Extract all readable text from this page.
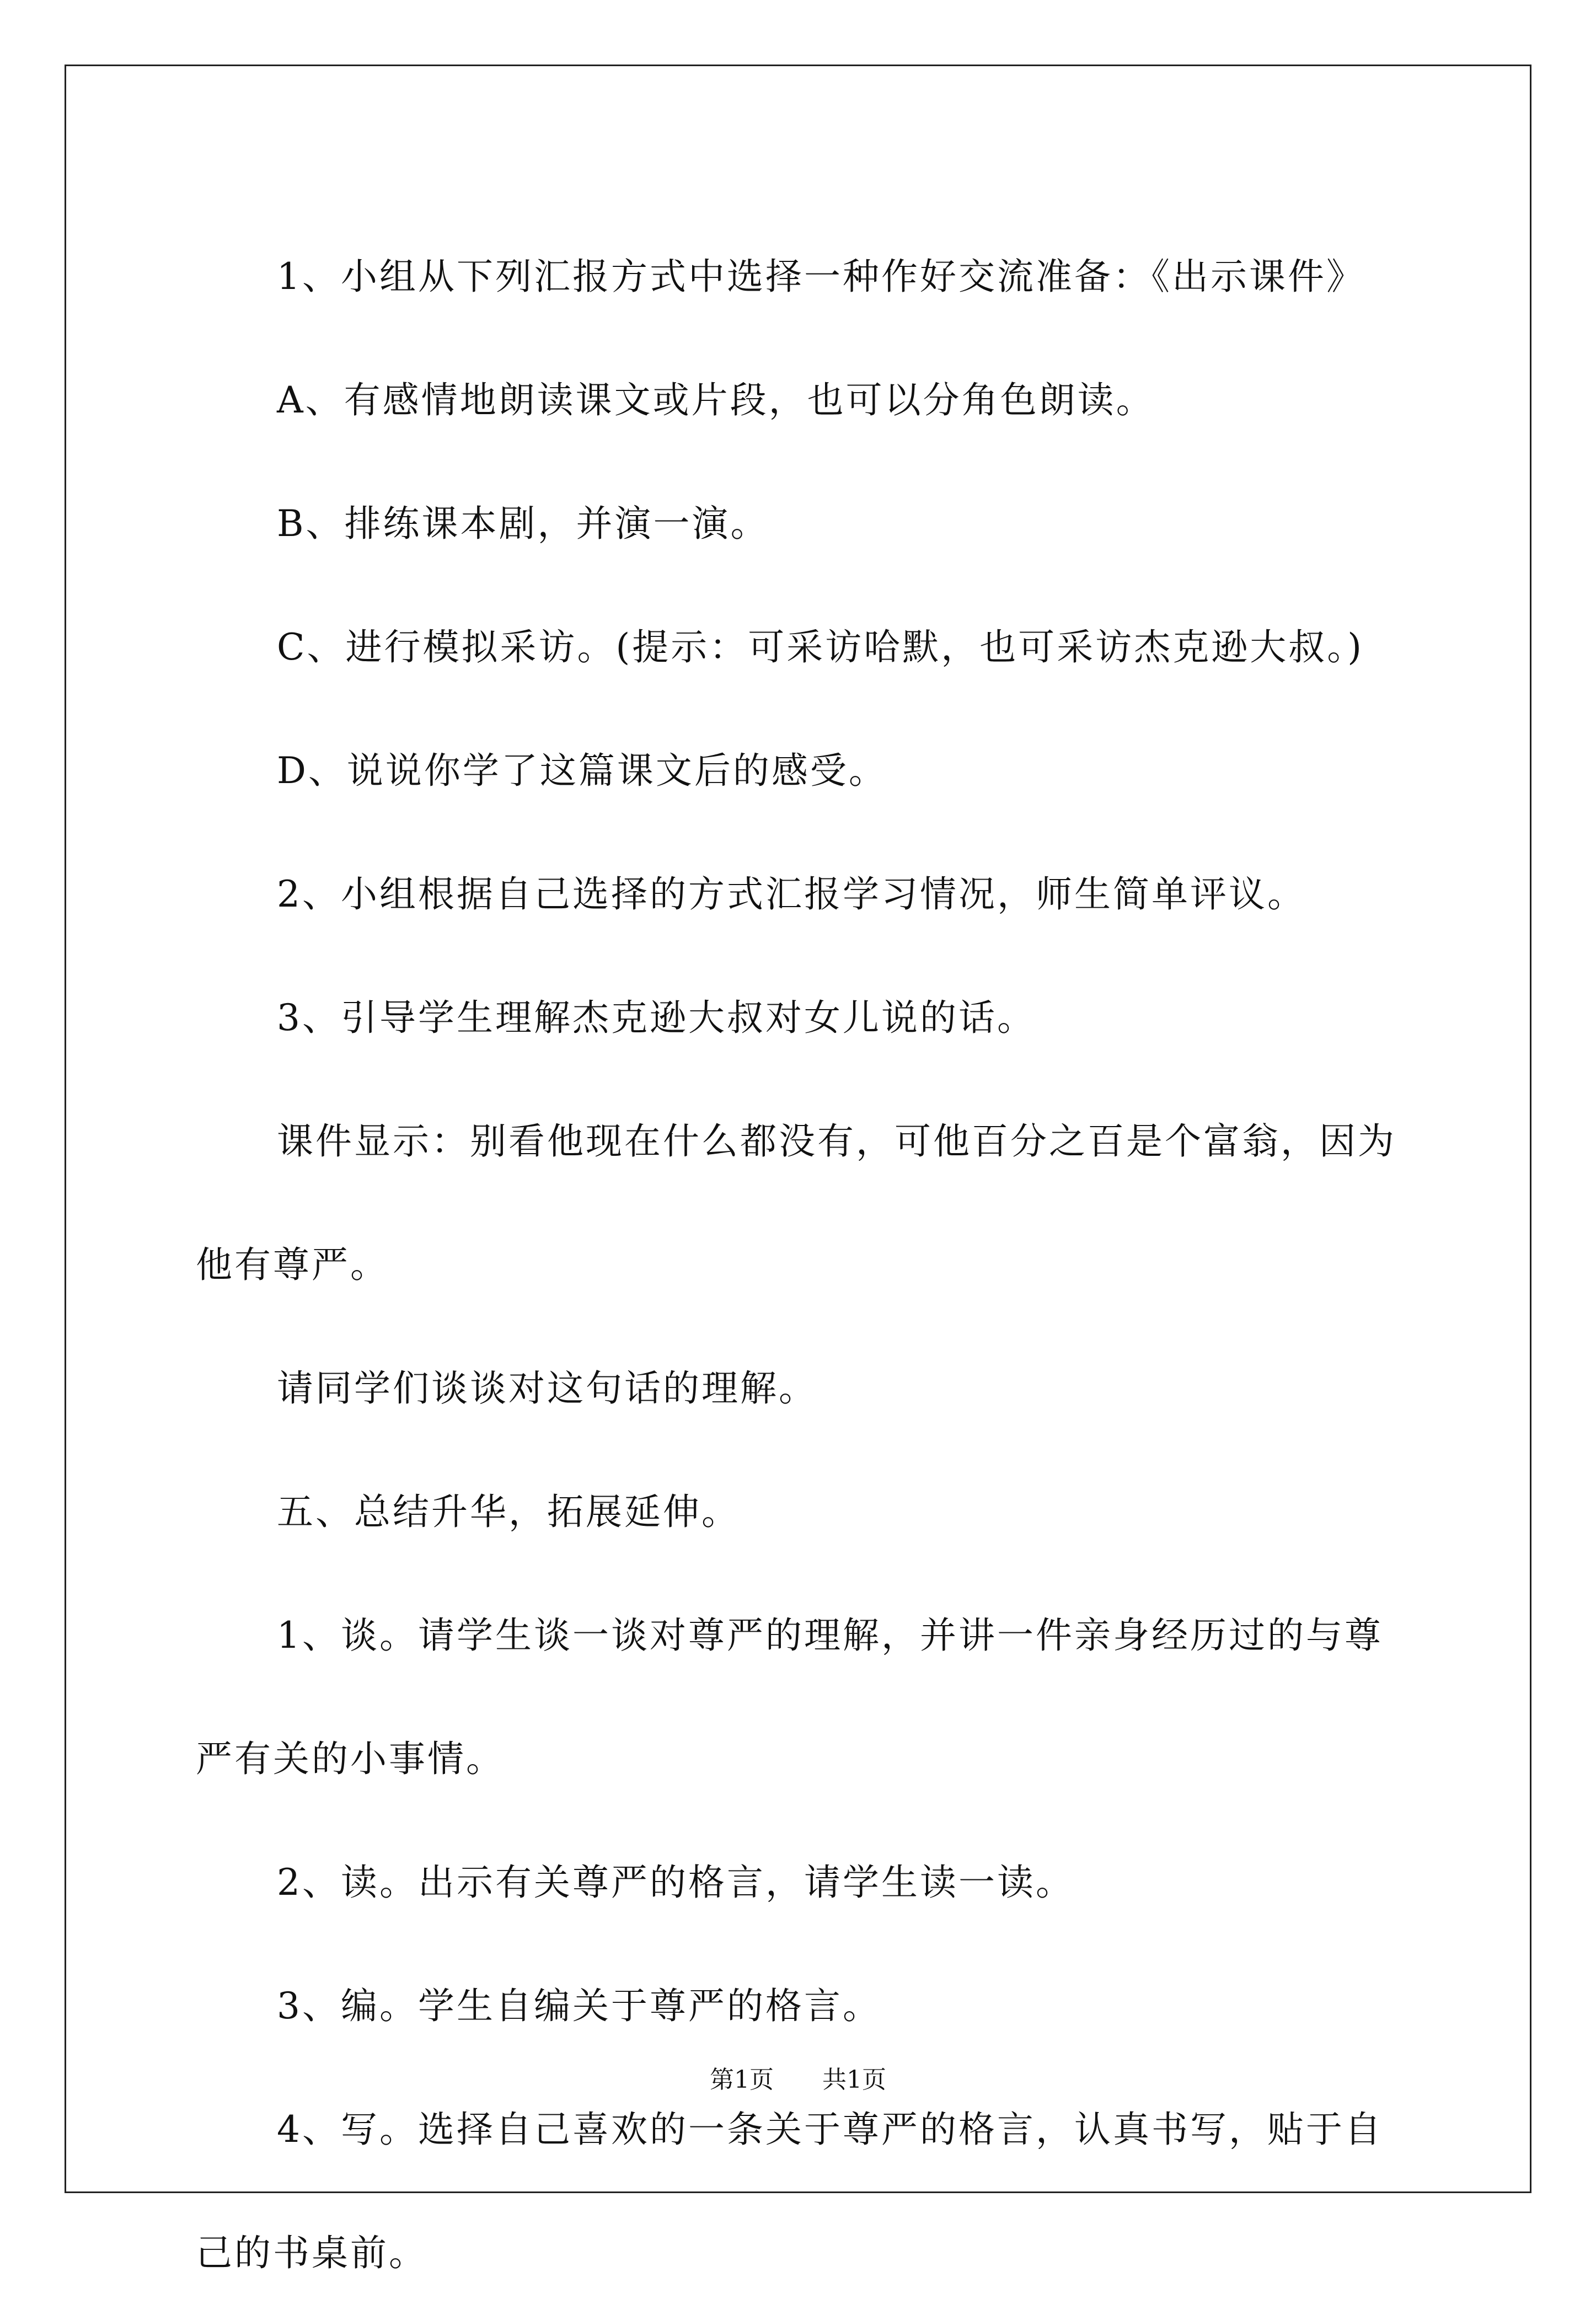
1、小组从下列汇报方式中选择一种作好交流准备：《出示课件》

A、有感情地朗读课文或片段，也可以分角色朗读。

B、排练课本剧，并演一演。

C、进行模拟采访。(提示：可采访哈默，也可采访杰克逊大叔。)

D、说说你学了这篇课文后的感受。

2、小组根据自己选择的方式汇报学习情况，师生简单评议。

3、引导学生理解杰克逊大叔对女儿说的话。

课件显示：别看他现在什么都没有，可他百分之百是个富翁，因为他有尊严。

请同学们谈谈对这句话的理解。

五、总结升华，拓展延伸。

1、谈。请学生谈一谈对尊严的理解，并讲一件亲身经历过的与尊严有关的小事情。

2、读。出示有关尊严的格言，请学生读一读。

3、编。学生自编关于尊严的格言。

4、写。选择自己喜欢的一条关于尊严的格言，认真书写，贴于自己的书桌前。

第1页 共1页
